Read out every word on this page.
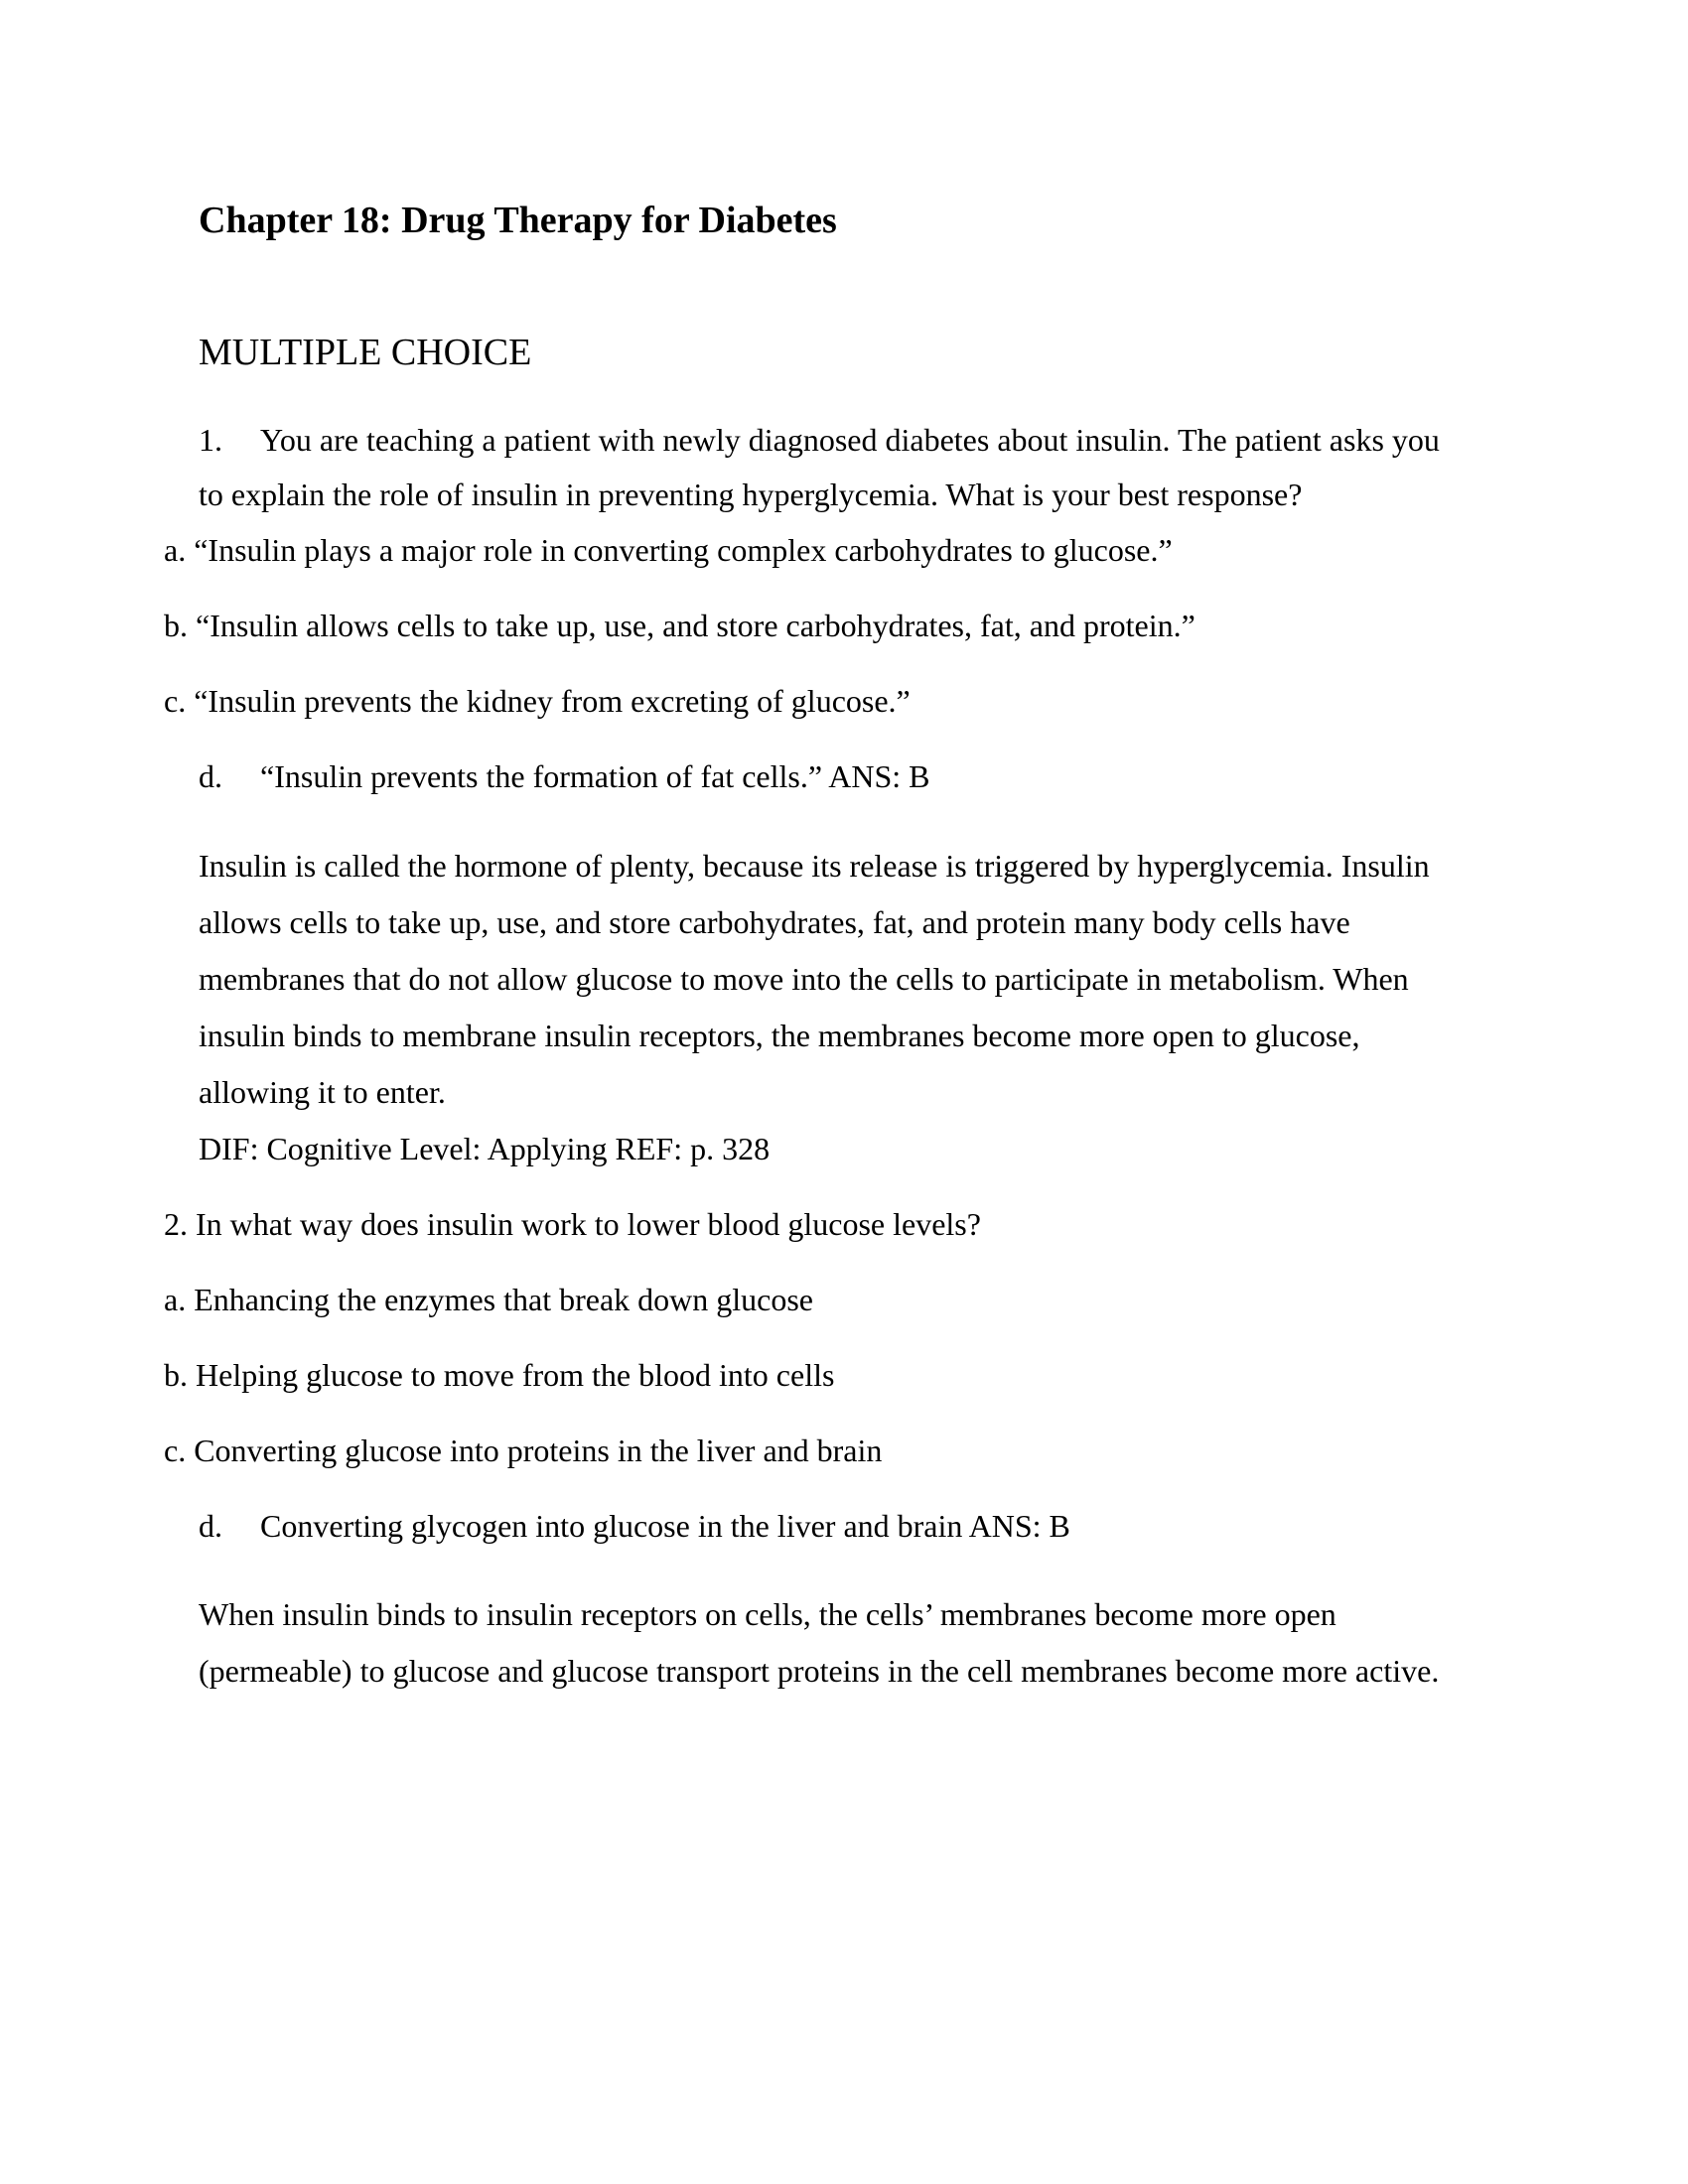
Chapter 18: Drug Therapy for Diabetes
MULTIPLE CHOICE
1. You are teaching a patient with newly diagnosed diabetes about insulin. The patient asks you
to explain the role of insulin in preventing hyperglycemia. What is your best response?
a. “Insulin plays a major role in converting complex carbohydrates to glucose.”
b. “Insulin allows cells to take up, use, and store carbohydrates, fat, and protein.”
c. “Insulin prevents the kidney from excreting of glucose.”
d. “Insulin prevents the formation of fat cells.” ANS: B
Insulin is called the hormone of plenty, because its release is triggered by hyperglycemia. Insulin
allows cells to take up, use, and store carbohydrates, fat, and protein many body cells have
membranes that do not allow glucose to move into the cells to participate in metabolism. When
insulin binds to membrane insulin receptors, the membranes become more open to glucose,
allowing it to enter.
DIF: Cognitive Level: Applying REF: p. 328
2. In what way does insulin work to lower blood glucose levels?
a. Enhancing the enzymes that break down glucose
b. Helping glucose to move from the blood into cells
c. Converting glucose into proteins in the liver and brain
d. Converting glycogen into glucose in the liver and brain ANS: B
When insulin binds to insulin receptors on cells, the cells’ membranes become more open
(permeable) to glucose and glucose transport proteins in the cell membranes become more active.
